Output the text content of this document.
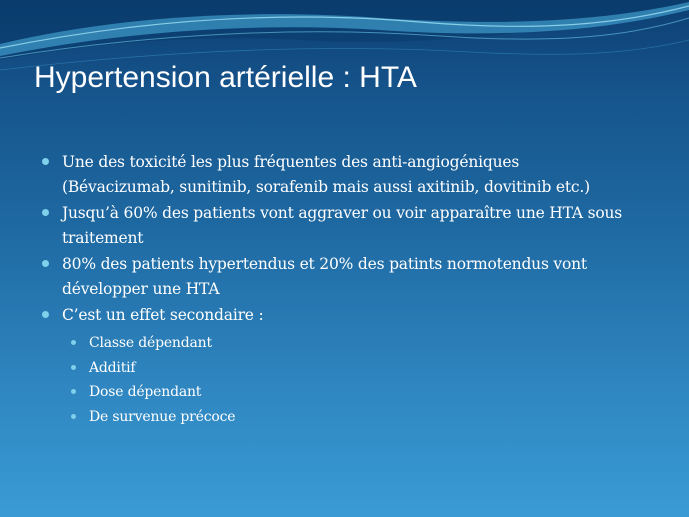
Hypertension artérielle : HTA
Une des toxicité les plus fréquentes des anti-angiogéniques
(Bévacizumab, sunitinib, sorafenib mais aussi axitinib, dovitinib etc.)
Jusqu’à 60% des patients vont aggraver ou voir apparaître une HTA sous
traitement
80% des patients hypertendus et 20% des patints normotendus vont
développer une HTA
C’est un effet secondaire :
Classe dépendant
Additif
Dose dépendant
De survenue précoce
